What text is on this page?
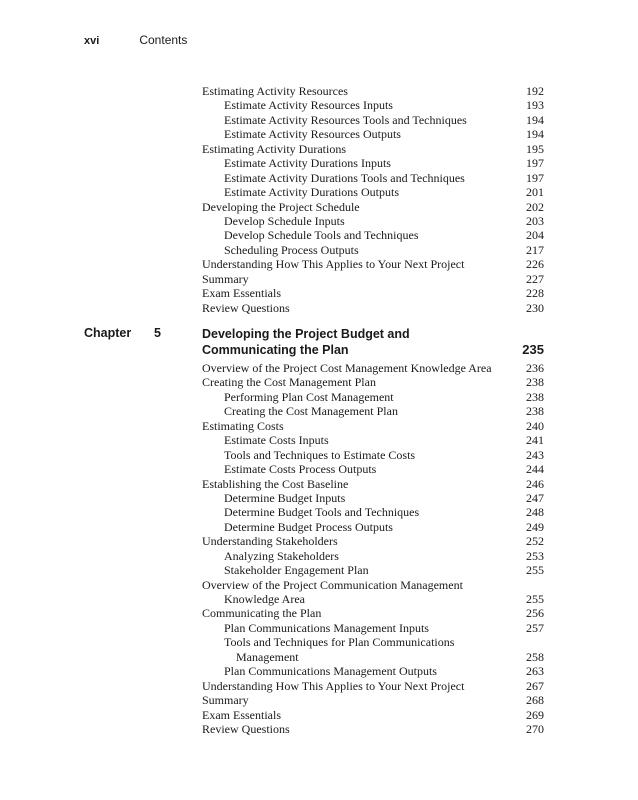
xvi	Contents
Estimating Activity Resources	192
Estimate Activity Resources Inputs	193
Estimate Activity Resources Tools and Techniques	194
Estimate Activity Resources Outputs	194
Estimating Activity Durations	195
Estimate Activity Durations Inputs	197
Estimate Activity Durations Tools and Techniques	197
Estimate Activity Durations Outputs	201
Developing the Project Schedule	202
Develop Schedule Inputs	203
Develop Schedule Tools and Techniques	204
Scheduling Process Outputs	217
Understanding How This Applies to Your Next Project	226
Summary	227
Exam Essentials	228
Review Questions	230
Chapter 5	Developing the Project Budget and
Communicating the Plan	235
Overview of the Project Cost Management Knowledge Area	236
Creating the Cost Management Plan	238
Performing Plan Cost Management	238
Creating the Cost Management Plan	238
Estimating Costs	240
Estimate Costs Inputs	241
Tools and Techniques to Estimate Costs	243
Estimate Costs Process Outputs	244
Establishing the Cost Baseline	246
Determine Budget Inputs	247
Determine Budget Tools and Techniques	248
Determine Budget Process Outputs	249
Understanding Stakeholders	252
Analyzing Stakeholders	253
Stakeholder Engagement Plan	255
Overview of the Project Communication Management
Knowledge Area	255
Communicating the Plan	256
Plan Communications Management Inputs	257
Tools and Techniques for Plan Communications
Management	258
Plan Communications Management Outputs	263
Understanding How This Applies to Your Next Project	267
Summary	268
Exam Essentials	269
Review Questions	270
